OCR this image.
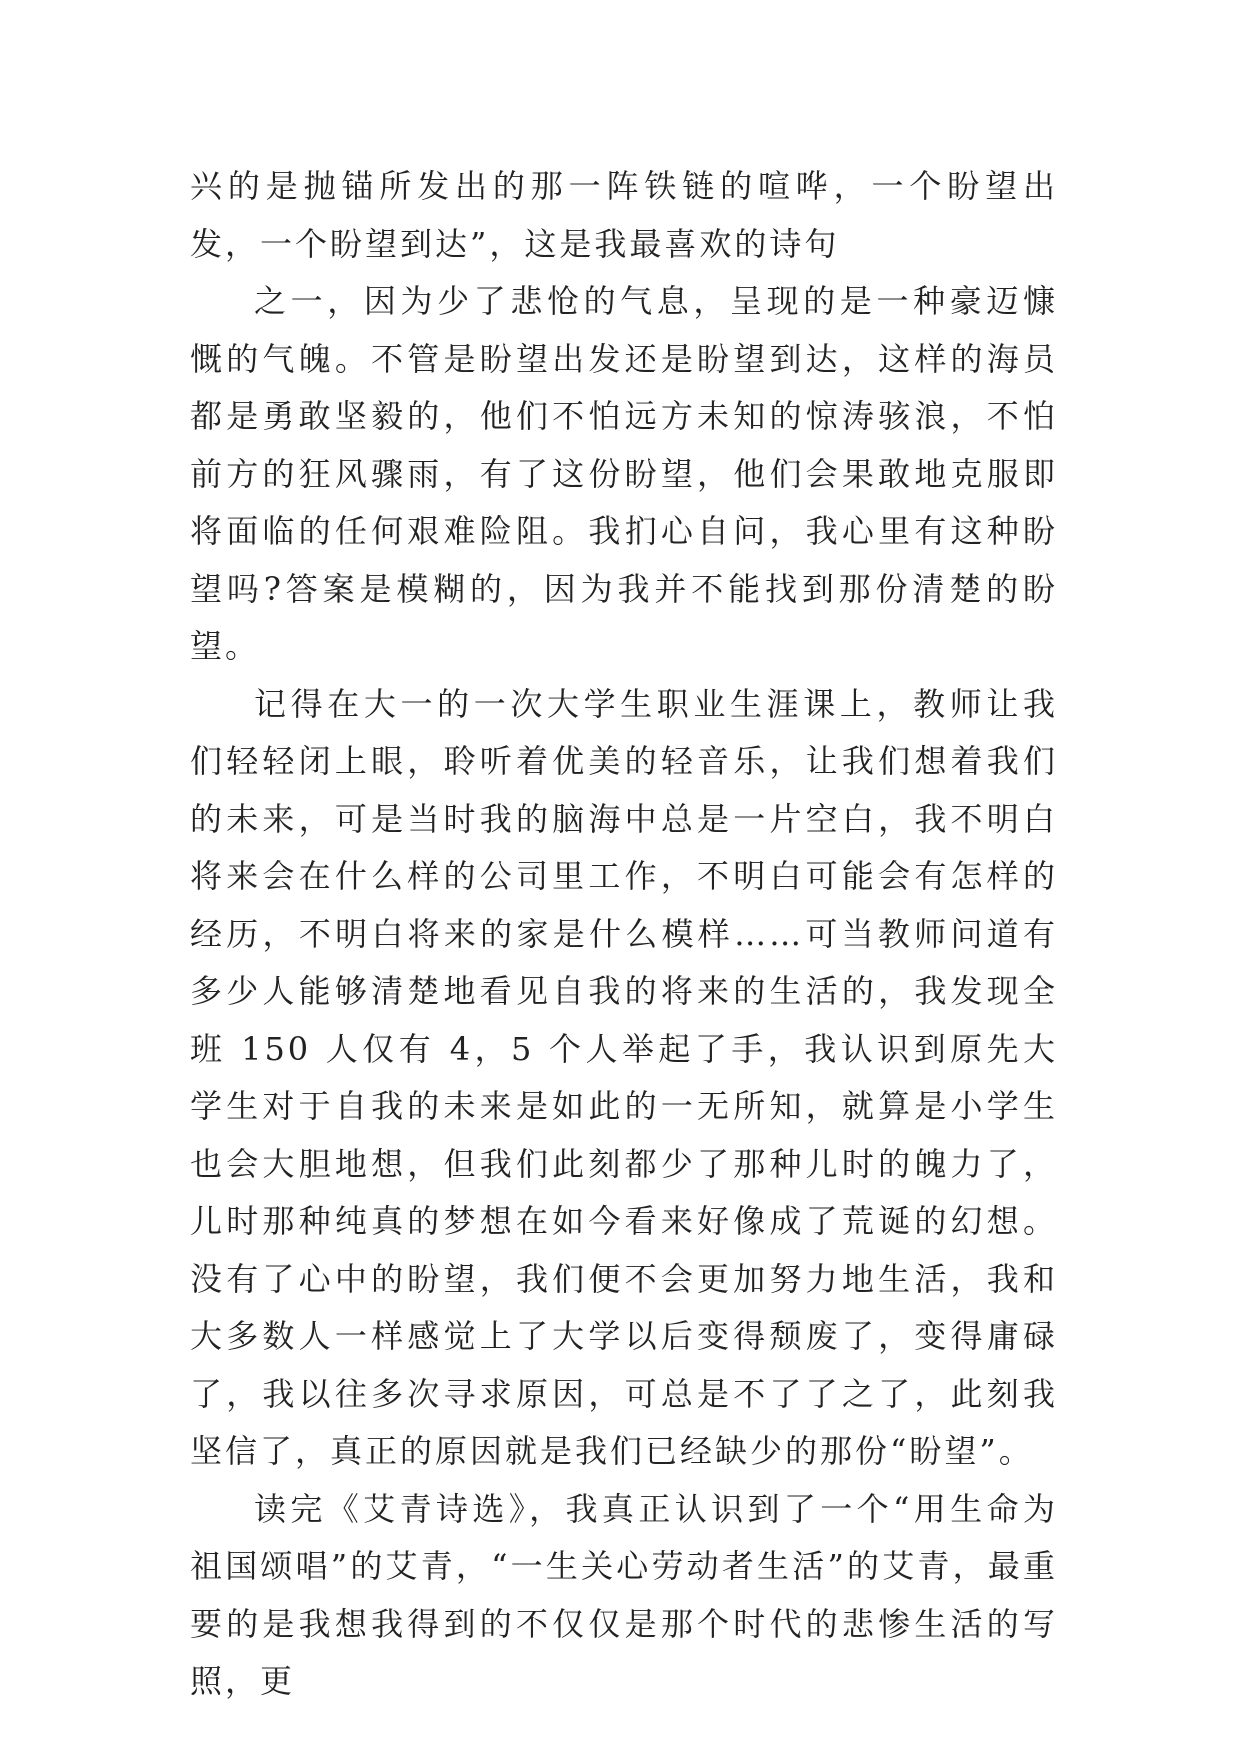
兴的是抛锚所发出的那一阵铁链的喧哗，一个盼望出发，一个盼望到达”，这是我最喜欢的诗句

之一，因为少了悲怆的气息，呈现的是一种豪迈慷慨的气魄。不管是盼望出发还是盼望到达，这样的海员都是勇敢坚毅的，他们不怕远方未知的惊涛骇浪，不怕前方的狂风骤雨，有了这份盼望，他们会果敢地克服即将面临的任何艰难险阻。我扪心自问，我心里有这种盼望吗?答案是模糊的，因为我并不能找到那份清楚的盼望。

记得在大一的一次大学生职业生涯课上，教师让我们轻轻闭上眼，聆听着优美的轻音乐，让我们想着我们的未来，可是当时我的脑海中总是一片空白，我不明白将来会在什么样的公司里工作，不明白可能会有怎样的经历，不明白将来的家是什么模样……可当教师问道有多少人能够清楚地看见自我的将来的生活的，我发现全班 150 人仅有 4，5 个人举起了手，我认识到原先大学生对于自我的未来是如此的一无所知，就算是小学生也会大胆地想，但我们此刻都少了那种儿时的魄力了，儿时那种纯真的梦想在如今看来好像成了荒诞的幻想。没有了心中的盼望，我们便不会更加努力地生活，我和大多数人一样感觉上了大学以后变得颓废了，变得庸碌了，我以往多次寻求原因，可总是不了了之了，此刻我坚信了，真正的原因就是我们已经缺少的那份“盼望”。

读完《艾青诗选》，我真正认识到了一个“用生命为祖国颂唱”的艾青，“一生关心劳动者生活”的艾青，最重要的是我想我得到的不仅仅是那个时代的悲惨生活的写照，更
